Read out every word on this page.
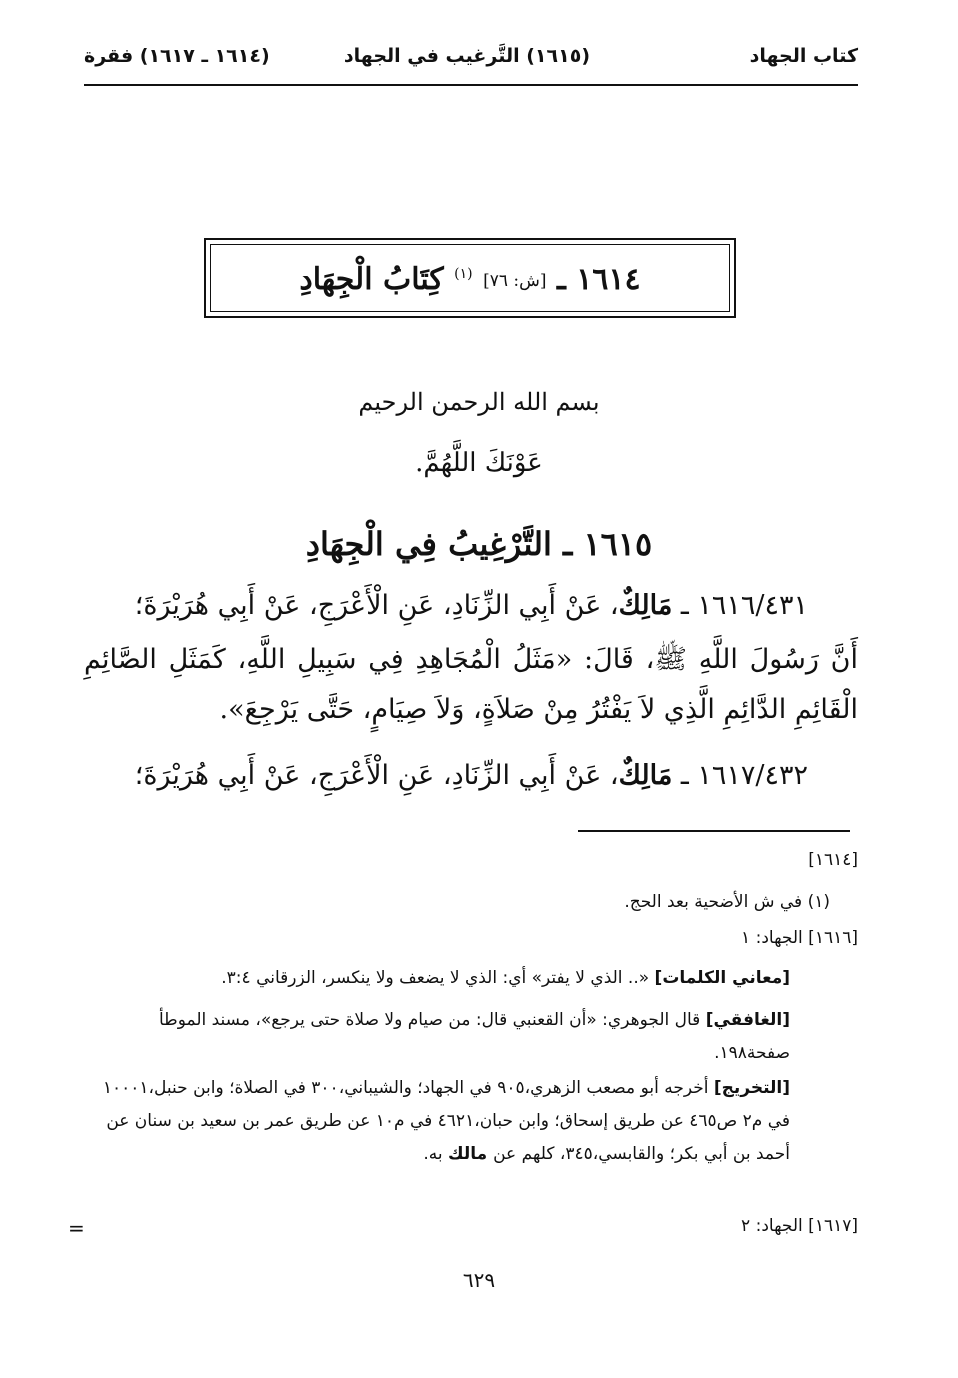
كتاب الجهاد
(١٦١٥) التَّرغيب في الجهاد
(١٦١٤ ـ ١٦١٧) فقرة
١٦١٤ ـ [ش: ٧٦] $^{(١)}$ كِتَابُ الْجِهَادِ
بسم الله الرحمن الرحيم
عَوْنَكَ اللَّهُمَّ.
١٦١٥ ـ التَّرْغِيبُ فِي الْجِهَادِ
١٦١٦/٤٣١ ـ مَالِكٌ، عَنْ أَبِي الزِّنَادِ، عَنِ الْأَعْرَجِ، عَنْ أَبِي هُرَيْرَةَ؛
أَنَّ رَسُولَ اللَّهِ ﷺ، قَالَ: «مَثَلُ الْمُجَاهِدِ فِي سَبِيلِ اللَّهِ، كَمَثَلِ الصَّائِمِ
الْقَائِمِ الدَّائِمِ الَّذِي لاَ يَفْتُرُ مِنْ صَلاَةٍ، وَلاَ صِيَامٍ، حَتَّى يَرْجِعَ».
١٦١٧/٤٣٢ ـ مَالِكٌ، عَنْ أَبِي الزِّنَادِ، عَنِ الْأَعْرَجِ، عَنْ أَبِي هُرَيْرَةَ؛
[١٦١٤]
(١) في ش الأضحية بعد الحج.
[١٦١٦] الجهاد: ١
[معاني الكلمات] «.. الذي لا يفتر» أي: الذي لا يضعف ولا ينكسر، الزرقاني ٣:٤.
[الغافقي] قال الجوهري: «أن القعنبي قال: من صيام ولا صلاة حتى يرجع»، مسند الموطأ صفحة١٩٨.
[التخريج] أخرجه أبو مصعب الزهري،٩٠٥ في الجهاد؛ والشيباني،٣٠٠ في الصلاة؛ وابن حنبل،١٠٠٠١ في م٢ ص٤٦٥ عن طريق إسحاق؛ وابن حبان،٤٦٢١ في م١٠ عن طريق عمر بن سعيد بن سنان عن أحمد بن أبي بكر؛ والقابسي،٣٤٥، كلهم عن مالك به.
[١٦١٧] الجهاد: ٢
=
٦٢٩
